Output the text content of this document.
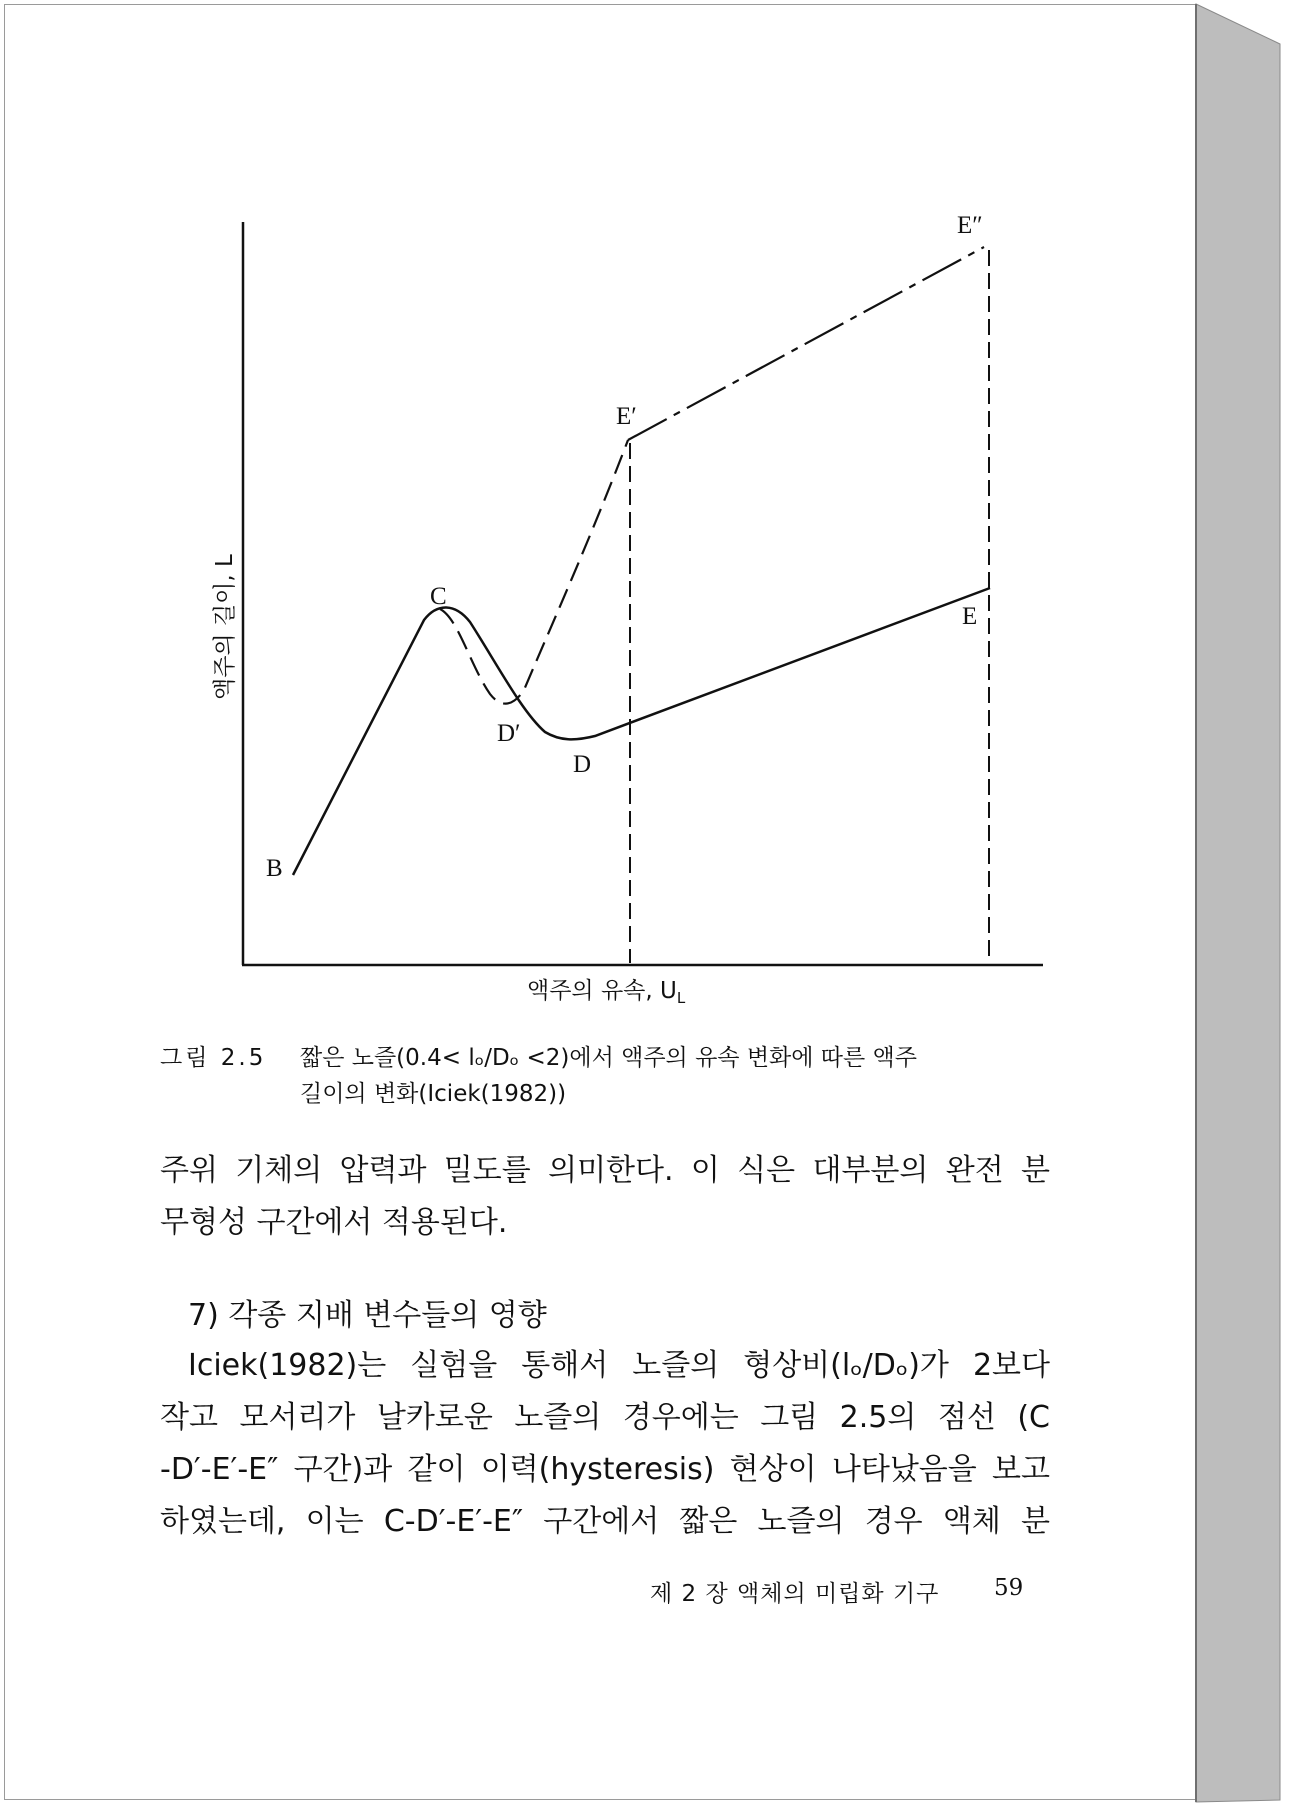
B
C
D′
D
E′
E
E″
액주의 길이, L
액주의 유속, $U_L$
그림 2.5 짧은 노즐(0.4< lₒ/Dₒ <2)에서 액주의 유속 변화에 따른 액주
길이의 변화(Iciek(1982))
주위 기체의 압력과 밀도를 의미한다. 이 식은 대부분의 완전 분
무형성 구간에서 적용된다.
7) 각종 지배 변수들의 영향
Iciek(1982)는 실험을 통해서 노즐의 형상비(lₒ/Dₒ)가 2보다
작고 모서리가 날카로운 노즐의 경우에는 그림 2.5의 점선 (C
-D′-E′-E″ 구간)과 같이 이력(hysteresis) 현상이 나타났음을 보고
하였는데, 이는 C-D′-E′-E″ 구간에서 짧은 노즐의 경우 액체 분
제 2 장 액체의 미립화 기구 59
